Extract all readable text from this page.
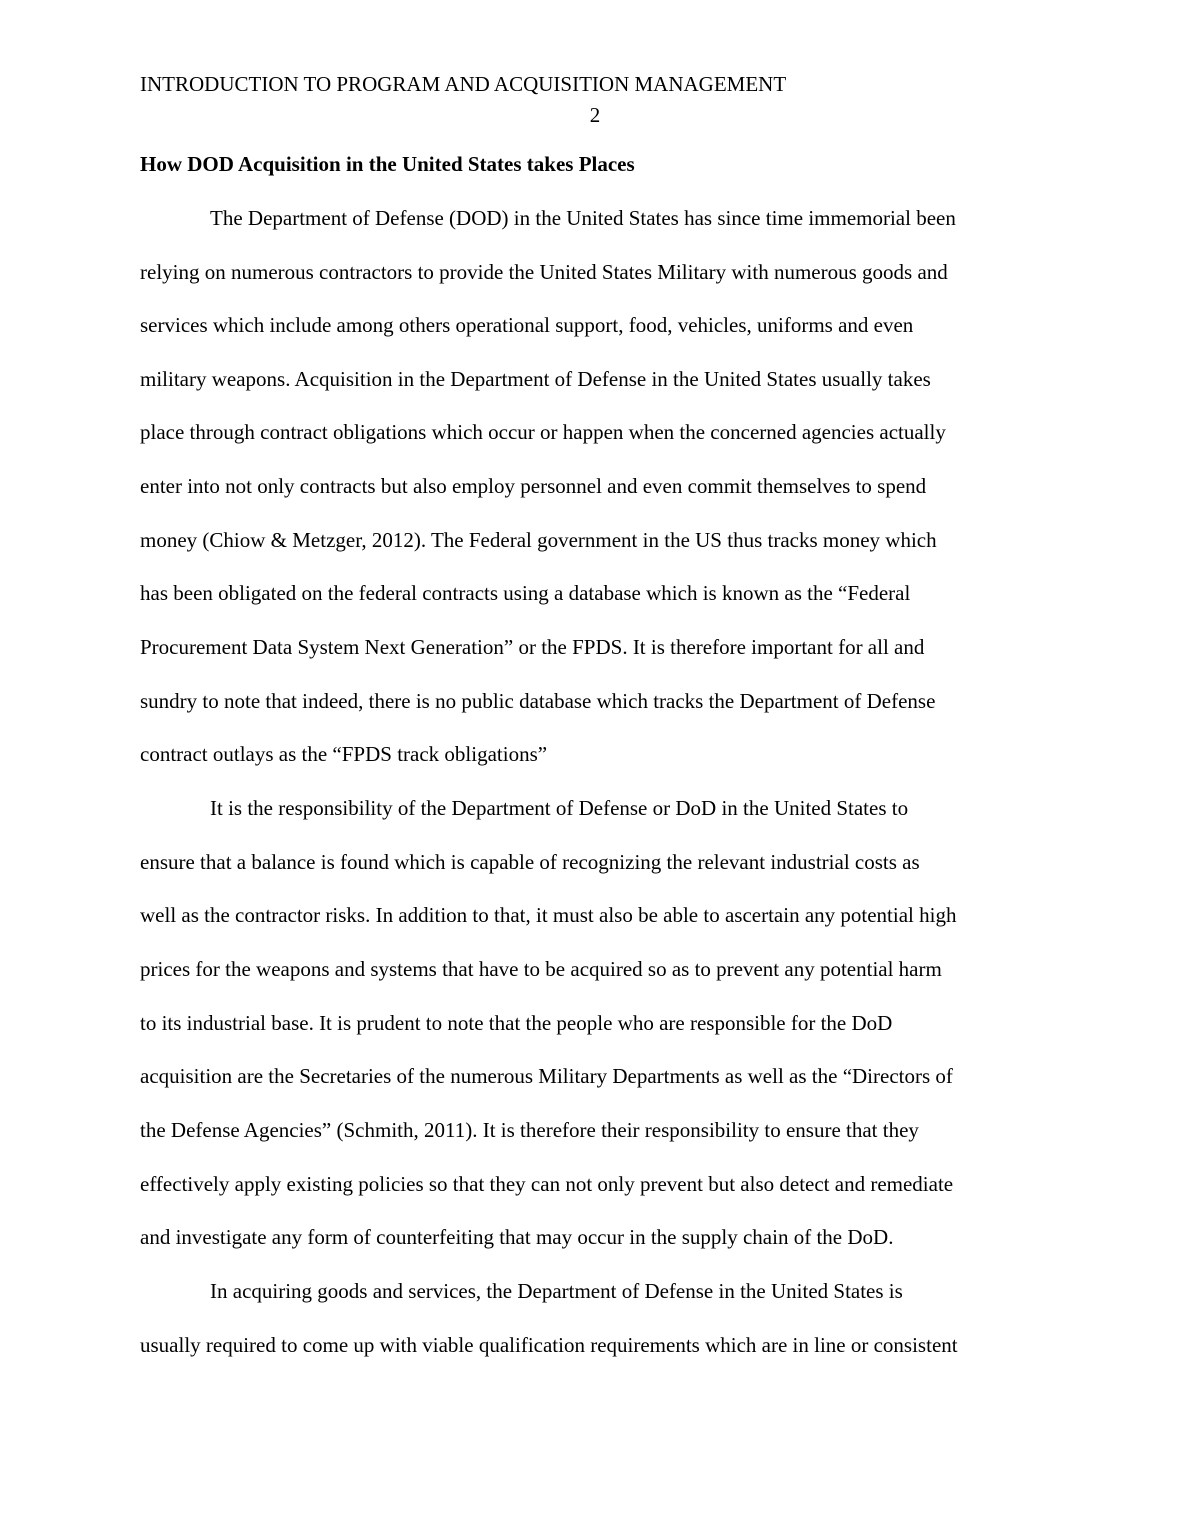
INTRODUCTION TO PROGRAM AND ACQUISITION MANAGEMENT

2

How DOD Acquisition in the United States takes Places

The Department of Defense (DOD) in the United States has since time immemorial been

relying on numerous contractors to provide the United States Military with numerous goods and

services which include among others operational support, food, vehicles, uniforms and even

military weapons. Acquisition in the Department of Defense in the United States usually takes

place through contract obligations which occur or happen when the concerned agencies actually

enter into not only contracts but also employ personnel and even commit themselves to spend

money (Chiow & Metzger, 2012). The Federal government in the US thus tracks money which

has been obligated on the federal contracts using a database which is known as the “Federal

Procurement Data System Next Generation” or the FPDS. It is therefore important for all and

sundry to note that indeed, there is no public database which tracks the Department of Defense

contract outlays as the “FPDS track obligations”

It is the responsibility of the Department of Defense or DoD in the United States to

ensure that a balance is found which is capable of recognizing the relevant industrial costs as

well as the contractor risks. In addition to that, it must also be able to ascertain any potential high

prices for the weapons and systems that have to be acquired so as to prevent any potential harm

to its industrial base. It is prudent to note that the people who are responsible for the DoD

acquisition are the Secretaries of the numerous Military Departments as well as the “Directors of

the Defense Agencies” (Schmith, 2011). It is therefore their responsibility to ensure that they

effectively apply existing policies so that they can not only prevent but also detect and remediate

and investigate any form of counterfeiting that may occur in the supply chain of the DoD.

In acquiring goods and services, the Department of Defense in the United States is

usually required to come up with viable qualification requirements which are in line or consistent
